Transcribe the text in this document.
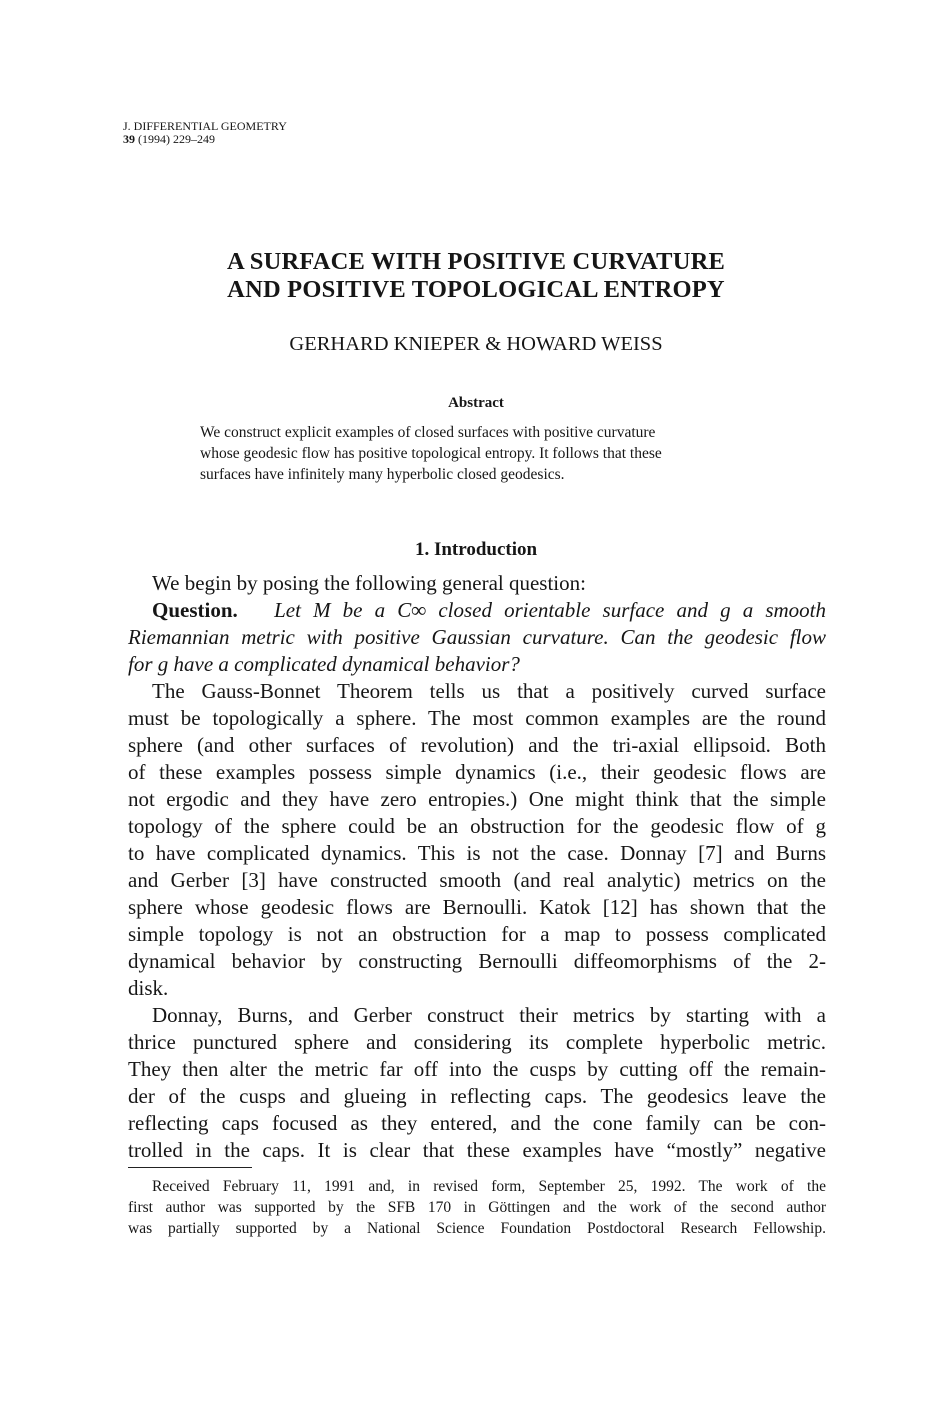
J. DIFFERENTIAL GEOMETRY
39 (1994) 229–249
A SURFACE WITH POSITIVE CURVATURE
AND POSITIVE TOPOLOGICAL ENTROPY
GERHARD KNIEPER & HOWARD WEISS
Abstract
We construct explicit examples of closed surfaces with positive curvature
whose geodesic flow has positive topological entropy. It follows that these
surfaces have infinitely many hyperbolic closed geodesics.
1. Introduction
We begin by posing the following general question:
Question. Let M be a C∞ closed orientable surface and g a smooth
Riemannian metric with positive Gaussian curvature. Can the geodesic flow
for g have a complicated dynamical behavior?
The Gauss-Bonnet Theorem tells us that a positively curved surface
must be topologically a sphere. The most common examples are the round
sphere (and other surfaces of revolution) and the tri-axial ellipsoid. Both
of these examples possess simple dynamics (i.e., their geodesic flows are
not ergodic and they have zero entropies.) One might think that the simple
topology of the sphere could be an obstruction for the geodesic flow of g
to have complicated dynamics. This is not the case. Donnay [7] and Burns
and Gerber [3] have constructed smooth (and real analytic) metrics on the
sphere whose geodesic flows are Bernoulli. Katok [12] has shown that the
simple topology is not an obstruction for a map to possess complicated
dynamical behavior by constructing Bernoulli diffeomorphisms of the 2-
disk.
Donnay, Burns, and Gerber construct their metrics by starting with a
thrice punctured sphere and considering its complete hyperbolic metric.
They then alter the metric far off into the cusps by cutting off the remain-
der of the cusps and glueing in reflecting caps. The geodesics leave the
reflecting caps focused as they entered, and the cone family can be con-
trolled in the caps. It is clear that these examples have “mostly” negative
Received February 11, 1991 and, in revised form, September 25, 1992. The work of the
first author was supported by the SFB 170 in Göttingen and the work of the second author
was partially supported by a National Science Foundation Postdoctoral Research Fellowship.
